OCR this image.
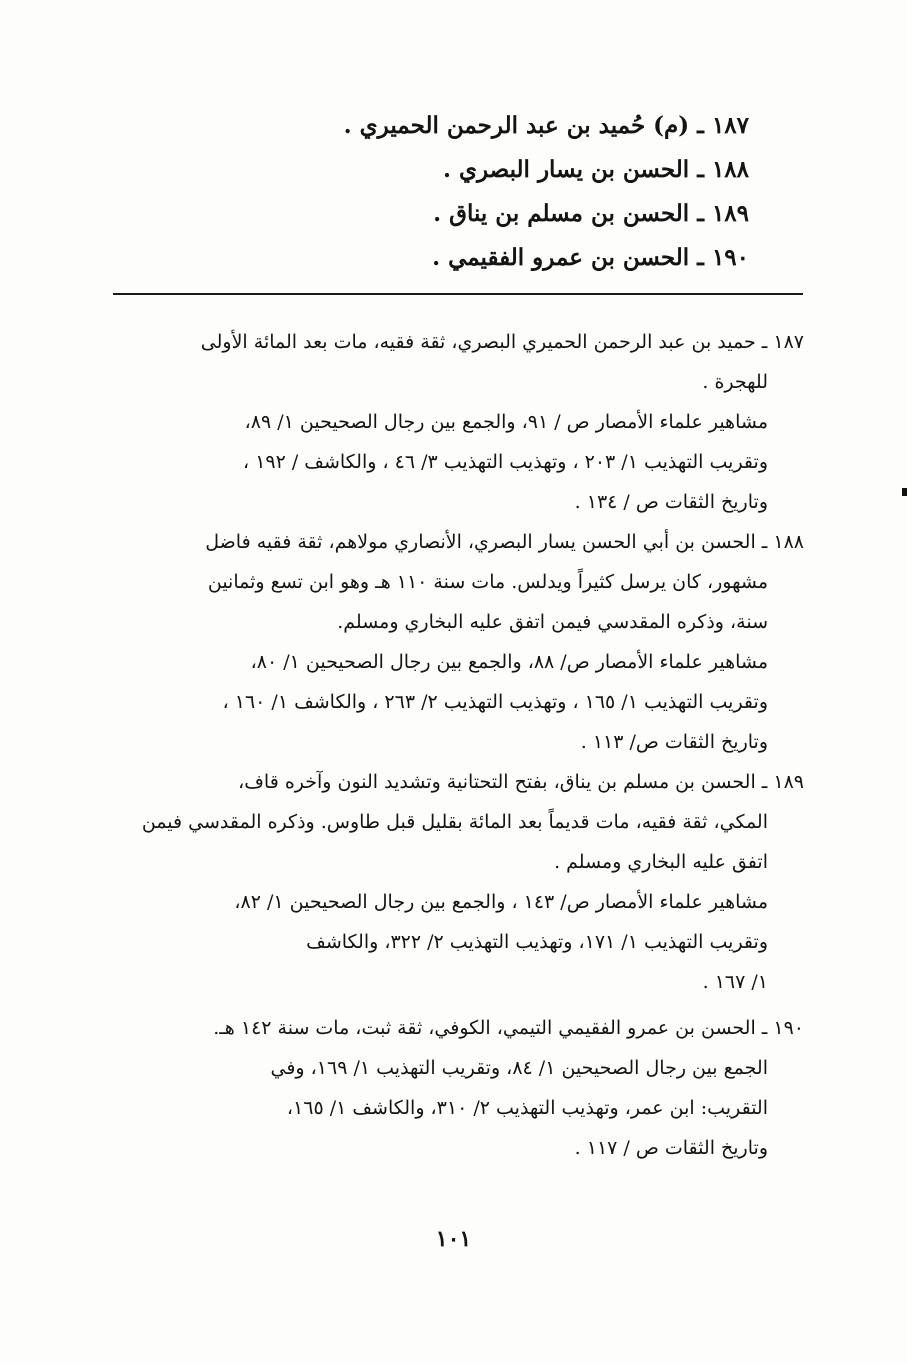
١٨٧ ـ (م) حُميد بن عبد الرحمن الحميري .
١٨٨ ـ الحسن بن يسار البصري .
١٨٩ ـ الحسن بن مسلم بن يناق .
١٩٠ ـ الحسن بن عمرو الفقيمي .
١٨٧ ـ حميد بن عبد الرحمن الحميري البصري، ثقة فقيه، مات بعد المائة الأولى
للهجرة .
مشاهير علماء الأمصار ص / ٩١، والجمع بين رجال الصحيحين ١/ ٨٩،
وتقريب التهذيب ١/ ٢٠٣ ، وتهذيب التهذيب ٣/ ٤٦ ، والكاشف / ١٩٢ ،
وتاريخ الثقات ص / ١٣٤ .
١٨٨ ـ الحسن بن أبي الحسن يسار البصري، الأنصاري مولاهم، ثقة فقيه فاضل
مشهور، كان يرسل كثيراً ويدلس. مات سنة ١١٠ هـ وهو ابن تسع وثمانين
سنة، وذكره المقدسي فيمن اتفق عليه البخاري ومسلم.
مشاهير علماء الأمصار ص/ ٨٨، والجمع بين رجال الصحيحين ١/ ٨٠،
وتقريب التهذيب ١/ ١٦٥ ، وتهذيب التهذيب ٢/ ٢٦٣ ، والكاشف ١/ ١٦٠ ،
وتاريخ الثقات ص/ ١١٣ .
١٨٩ ـ الحسن بن مسلم بن يناق، بفتح التحتانية وتشديد النون وآخره قاف،
المكي، ثقة فقيه، مات قديماً بعد المائة بقليل قبل طاوس. وذكره المقدسي فيمن
اتفق عليه البخاري ومسلم .
مشاهير علماء الأمصار ص/ ١٤٣ ، والجمع بين رجال الصحيحين ١/ ٨٢،
وتقريب التهذيب ١/ ١٧١، وتهذيب التهذيب ٢/ ٣٢٢، والكاشف
١/ ١٦٧ .
١٩٠ ـ الحسن بن عمرو الفقيمي التيمي، الكوفي، ثقة ثبت، مات سنة ١٤٢ هـ.
الجمع بين رجال الصحيحين ١/ ٨٤، وتقريب التهذيب ١/ ١٦٩، وفي
التقريب: ابن عمر، وتهذيب التهذيب ٢/ ٣١٠، والكاشف ١/ ١٦٥،
وتاريخ الثقات ص / ١١٧ .
١٠١
